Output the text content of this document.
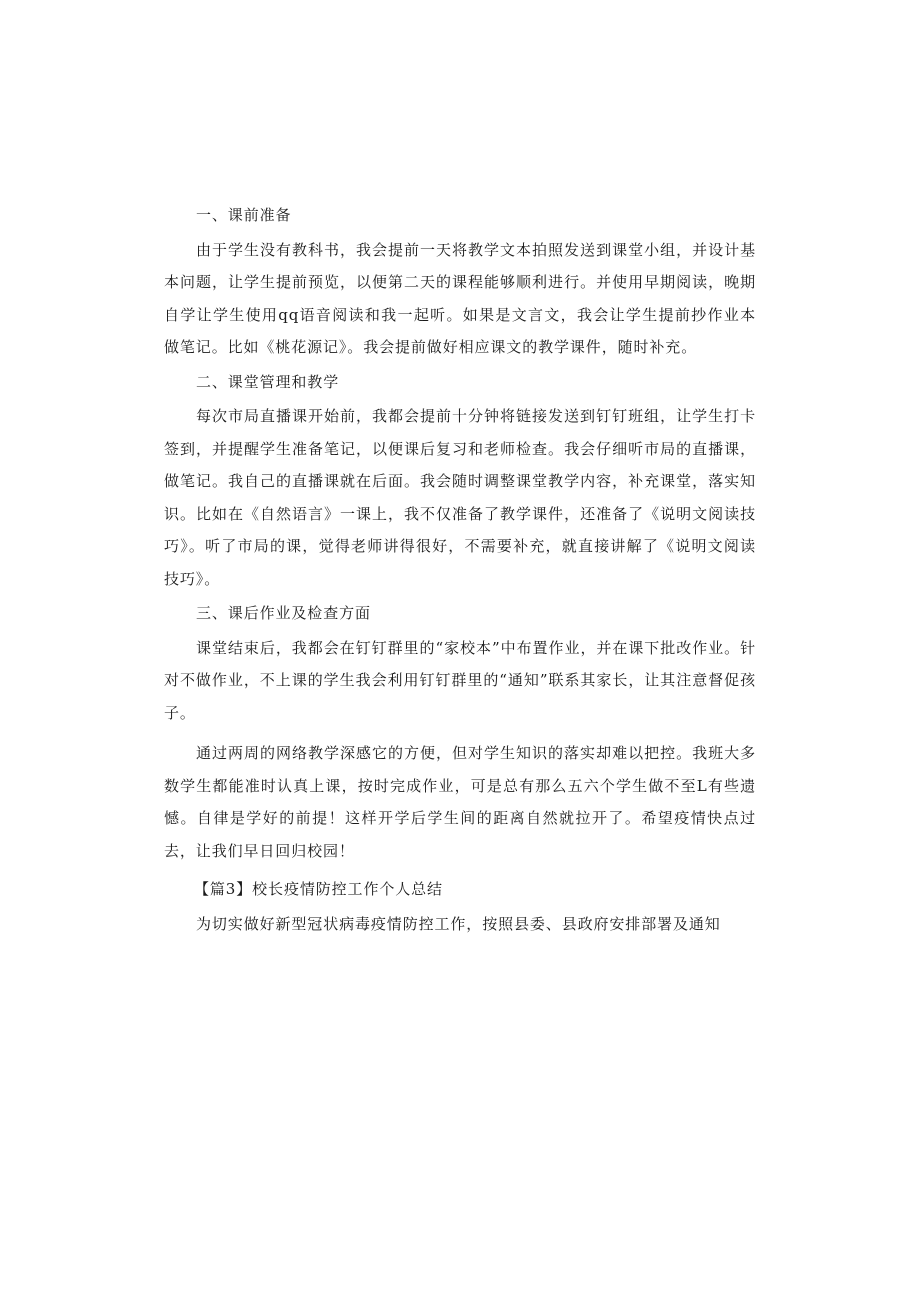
一、课前准备

由于学生没有教科书，我会提前一天将教学文本拍照发送到课堂小组，并设计基本问题，让学生提前预览，以便第二天的课程能够顺利进行。并使用早期阅读，晚期自学让学生使用qq语音阅读和我一起听。如果是文言文，我会让学生提前抄作业本做笔记。比如《桃花源记》。我会提前做好相应课文的教学课件，随时补充。

二、课堂管理和教学

每次市局直播课开始前，我都会提前十分钟将链接发送到钉钉班组，让学生打卡签到，并提醒学生准备笔记，以便课后复习和老师检查。我会仔细听市局的直播课，做笔记。我自己的直播课就在后面。我会随时调整课堂教学内容，补充课堂，落实知识。比如在《自然语言》一课上，我不仅准备了教学课件，还准备了《说明文阅读技巧》。听了市局的课，觉得老师讲得很好，不需要补充，就直接讲解了《说明文阅读技巧》。

三、课后作业及检查方面

课堂结束后，我都会在钉钉群里的“家校本”中布置作业，并在课下批改作业。针对不做作业，不上课的学生我会利用钉钉群里的“通知”联系其家长，让其注意督促孩子。

通过两周的网络教学深感它的方便，但对学生知识的落实却难以把控。我班大多数学生都能准时认真上课，按时完成作业，可是总有那么五六个学生做不至L有些遗憾。自律是学好的前提！这样开学后学生间的距离自然就拉开了。希望疫情快点过去，让我们早日回归校园！

【篇3】校长疫情防控工作个人总结

为切实做好新型冠状病毒疫情防控工作，按照县委、县政府安排部署及通知
